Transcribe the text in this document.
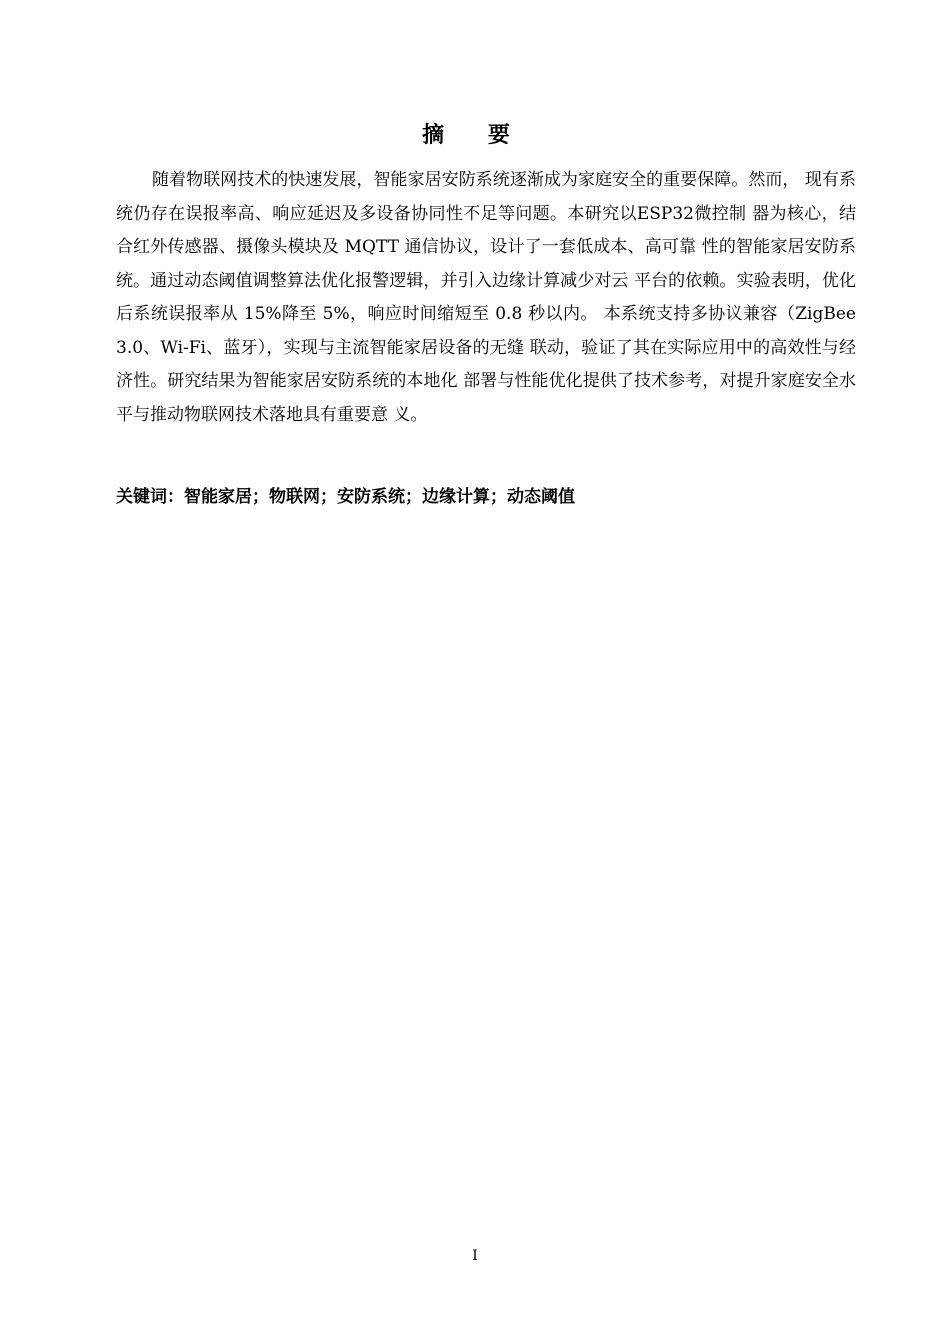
摘 要

随着物联网技术的快速发展，智能家居安防系统逐渐成为家庭安全的重要保障。然而， 现有系统仍存在误报率高、响应延迟及多设备协同性不足等问题。本研究以ESP32微控制 器为核心，结合红外传感器、摄像头模块及 MQTT 通信协议，设计了一套低成本、高可靠 性的智能家居安防系统。通过动态阈值调整算法优化报警逻辑，并引入边缘计算减少对云 平台的依赖。实验表明，优化后系统误报率从 15%降至 5%，响应时间缩短至 0.8 秒以内。 本系统支持多协议兼容（ZigBee 3.0、Wi-Fi、蓝牙），实现与主流智能家居设备的无缝 联动，验证了其在实际应用中的高效性与经济性。研究结果为智能家居安防系统的本地化 部署与性能优化提供了技术参考，对提升家庭安全水平与推动物联网技术落地具有重要意 义。

关键词：智能家居；物联网；安防系统；边缘计算；动态阈值

I
